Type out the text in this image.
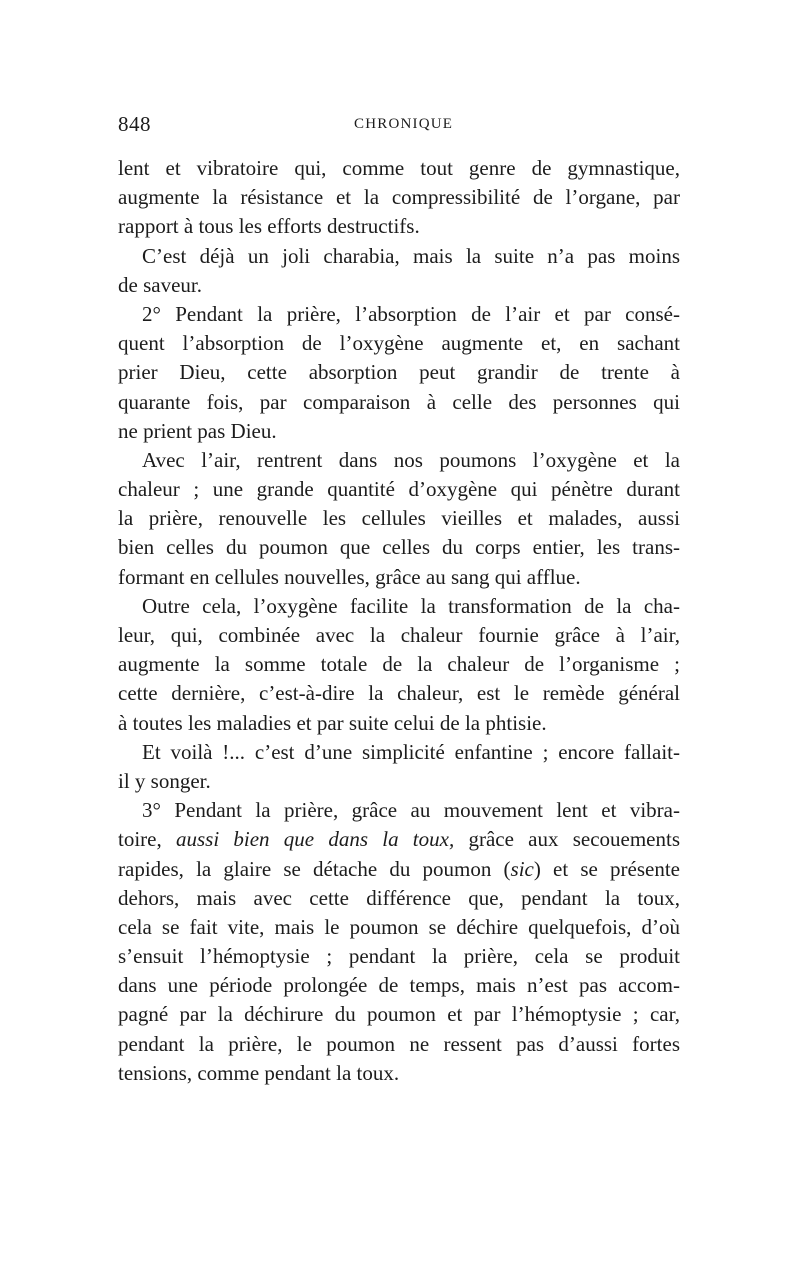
848	CHRONIQUE
lent et vibratoire qui, comme tout genre de gymnastique,
augmente la résistance et la compressibilité de l’organe, par
rapport à tous les efforts destructifs.
C’est déjà un joli charabia, mais la suite n’a pas moins
de saveur.
2° Pendant la prière, l’absorption de l’air et par consé-
quent l’absorption de l’oxygène augmente et, en sachant
prier Dieu, cette absorption peut grandir de trente à
quarante fois, par comparaison à celle des personnes qui
ne prient pas Dieu.
Avec l’air, rentrent dans nos poumons l’oxygène et la
chaleur ; une grande quantité d’oxygène qui pénètre durant
la prière, renouvelle les cellules vieilles et malades, aussi
bien celles du poumon que celles du corps entier, les trans-
formant en cellules nouvelles, grâce au sang qui afflue.
Outre cela, l’oxygène facilite la transformation de la cha-
leur, qui, combinée avec la chaleur fournie grâce à l’air,
augmente la somme totale de la chaleur de l’organisme ;
cette dernière, c’est-à-dire la chaleur, est le remède général
à toutes les maladies et par suite celui de la phtisie.
Et voilà !... c’est d’une simplicité enfantine ; encore fallait-
il y songer.
3° Pendant la prière, grâce au mouvement lent et vibra-
toire, aussi bien que dans la toux, grâce aux secouements
rapides, la glaire se détache du poumon (sic) et se présente
dehors, mais avec cette différence que, pendant la toux,
cela se fait vite, mais le poumon se déchire quelquefois, d’où
s’ensuit l’hémoptysie ; pendant la prière, cela se produit
dans une période prolongée de temps, mais n’est pas accom-
pagné par la déchirure du poumon et par l’hémoptysie ; car,
pendant la prière, le poumon ne ressent pas d’aussi fortes
tensions, comme pendant la toux.
